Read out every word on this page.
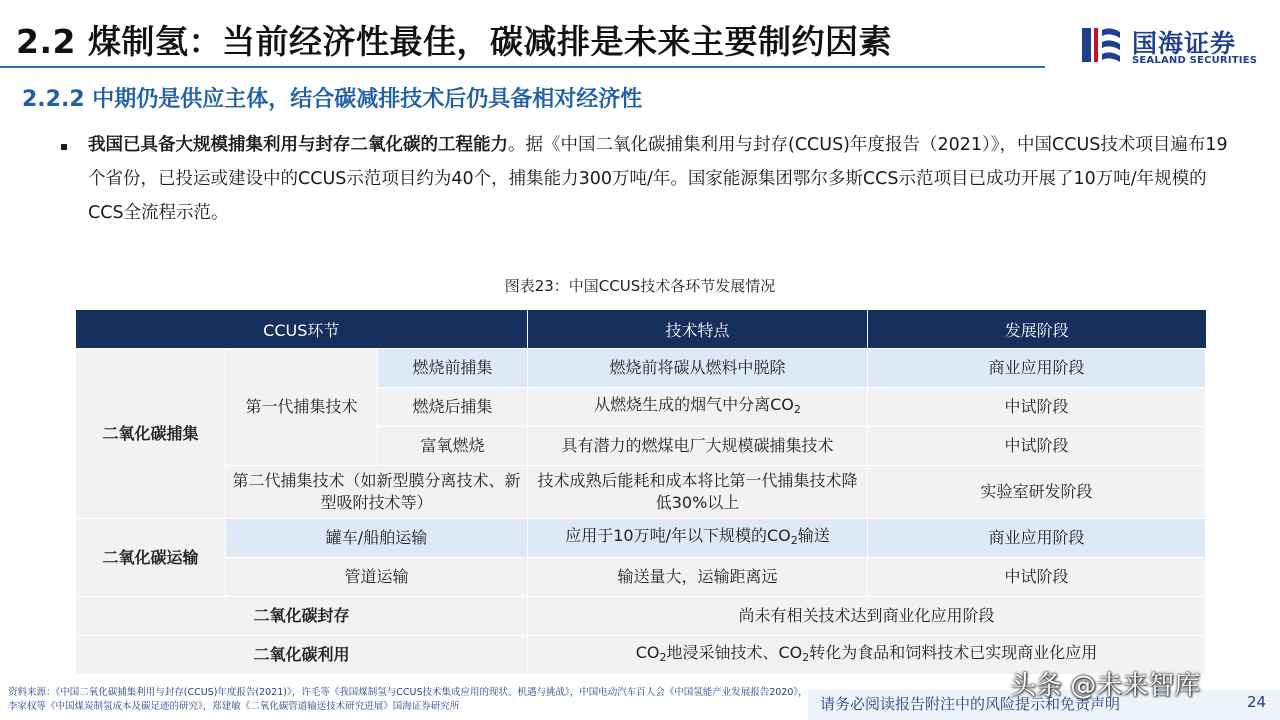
2.2 煤制氢：当前经济性最佳，碳减排是未来主要制约因素	国海证券
SEALAND SECURITIES
2.2.2 中期仍是供应主体，结合碳减排技术后仍具备相对经济性
我国已具备大规模捕集利用与封存二氧化碳的工程能力。据《中国二氧化碳捕集利用与封存(CCUS)年度报告（2021）》，中国CCUS技术项目遍布19个省份，已投运或建设中的CCUS示范项目约为40个，捕集能力300万吨/年。国家能源集团鄂尔多斯CCS示范项目已成功开展了10万吨/年规模的CCS全流程示范。
图表23：中国CCUS技术各环节发展情况
CCUS环节			技术特点	发展阶段
二氧化碳捕集	第一代捕集技术	燃烧前捕集	燃烧前将碳从燃料中脱除	商业应用阶段
		燃烧后捕集	从燃烧生成的烟气中分离$CO_2$	中试阶段
		富氧燃烧	具有潜力的燃煤电厂大规模碳捕集技术	中试阶段
	第二代捕集技术（如新型膜分离技术、新型吸附技术等）		技术成熟后能耗和成本将比第一代捕集技术降低30%以上	实验室研发阶段
二氧化碳运输	罐车/船舶运输		应用于10万吨/年以下规模的$CO_2$输送	商业应用阶段
	管道运输		输送量大，运输距离远	中试阶段
二氧化碳封存			尚未有相关技术达到商业化应用阶段	
二氧化碳利用			$CO_2$地浸采铀技术、$CO_2$转化为食品和饲料技术已实现商业化应用	
资料来源：《中国二氧化碳捕集利用与封存(CCUS)年度报告(2021)》，许毛等《我国煤制氢与CCUS技术集成应用的现状、机遇与挑战》，中国电动汽车百人会《中国氢能产业发展报告2020》，李家权等《中国煤炭制氢成本及碳足迹的研究》，郑建敏《二氧化碳管道输送技术研究进展》国海证券研究所	请务必阅读报告附注中的风险提示和免责声明	24
头条 @未来智库
